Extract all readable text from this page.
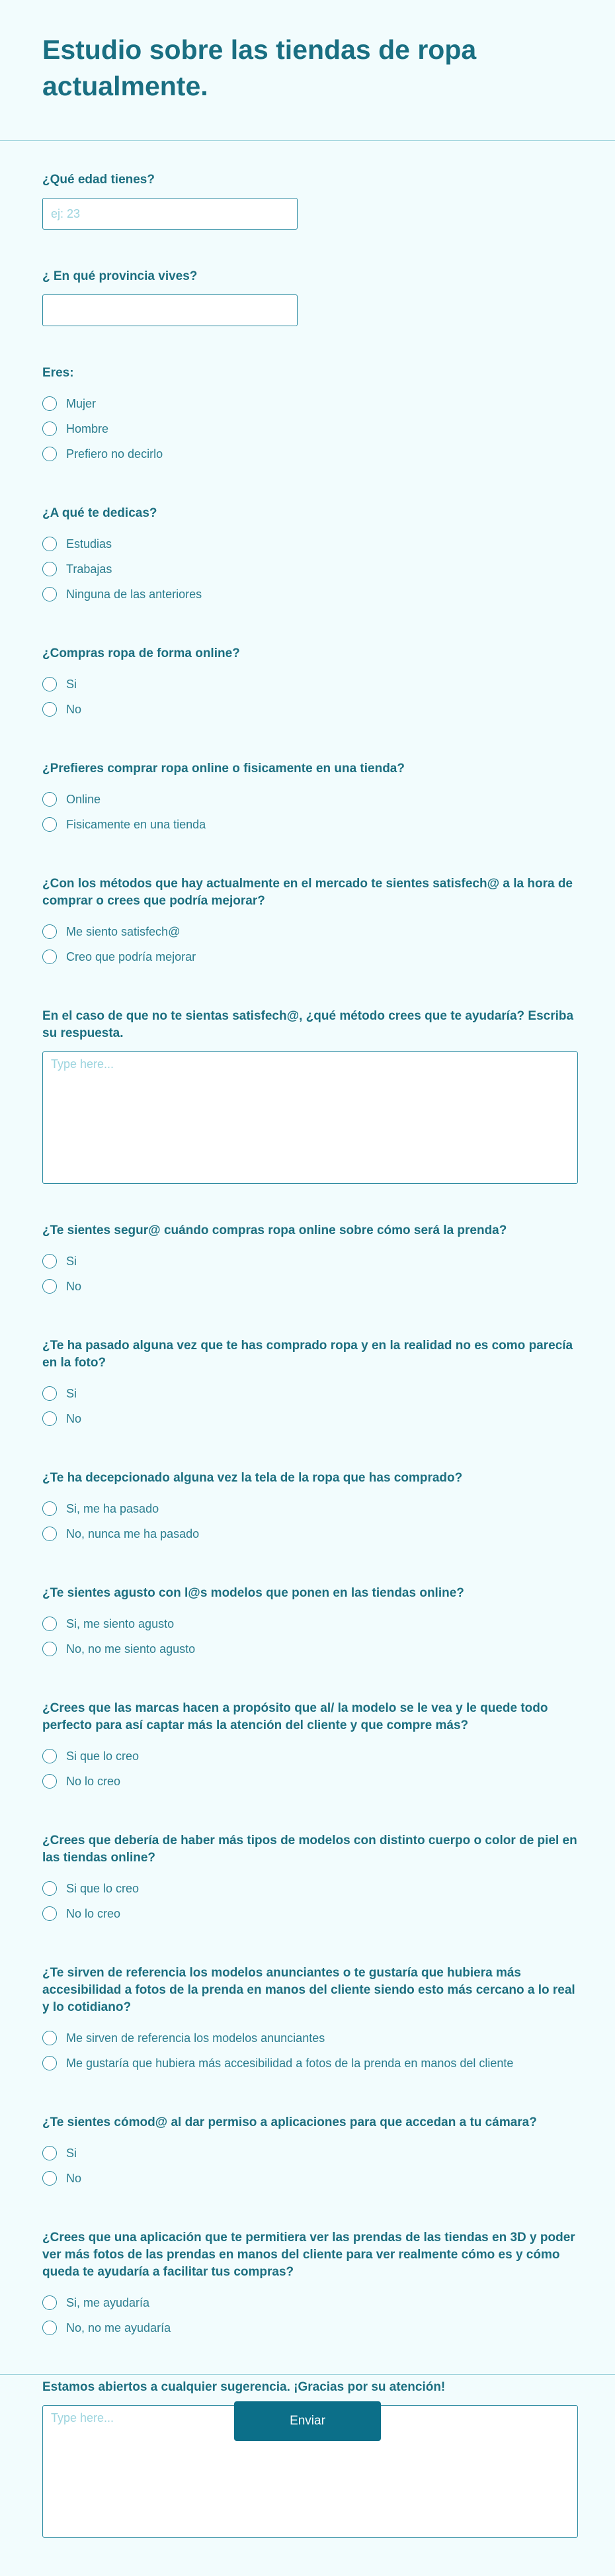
Estudio sobre las tiendas de ropa actualmente.
¿Qué edad tienes?
ej: 23
¿ En qué provincia vives?
Eres:
Mujer
Hombre
Prefiero no decirlo
¿A qué te dedicas?
Estudias
Trabajas
Ninguna de las anteriores
¿Compras ropa de forma online?
Si
No
¿Prefieres comprar ropa online o fisicamente en una tienda?
Online
Fisicamente en una tienda
¿Con los métodos que hay actualmente en el mercado te sientes satisfech@ a la hora de comprar o crees que podría mejorar?
Me siento satisfech@
Creo que podría mejorar
En el caso de que no te sientas satisfech@, ¿qué método crees que te ayudaría? Escriba su respuesta.
Type here...
¿Te sientes segur@ cuándo compras ropa online sobre cómo será la prenda?
Si
No
¿Te ha pasado alguna vez que te has comprado ropa y en la realidad no es como parecía en la foto?
Si
No
¿Te ha decepcionado alguna vez la tela de la ropa que has comprado?
Si, me ha pasado
No, nunca me ha pasado
¿Te sientes agusto con l@s modelos que ponen en las tiendas online?
Si, me siento agusto
No, no me siento agusto
¿Crees que las marcas hacen a propósito que al/ la modelo se le vea y le quede todo perfecto para así captar más la atención del cliente y que compre más?
Si que lo creo
No lo creo
¿Crees que debería de haber más tipos de modelos con distinto cuerpo o color de piel en las tiendas online?
Si que lo creo
No lo creo
¿Te sirven de referencia los modelos anunciantes o te gustaría que hubiera más accesibilidad a fotos de la prenda en manos del cliente siendo esto más cercano a lo real y lo cotidiano?
Me sirven de referencia los modelos anunciantes
Me gustaría que hubiera más accesibilidad a fotos de la prenda en manos del cliente
¿Te sientes cómod@ al dar permiso a aplicaciones para que accedan a tu cámara?
Si
No
¿Crees que una aplicación que te permitiera ver las prendas de las tiendas en 3D y poder ver más fotos de las prendas en manos del cliente para ver realmente cómo es y cómo queda te ayudaría a facilitar tus compras?
Si, me ayudaría
No, no me ayudaría
Estamos abiertos a cualquier sugerencia. ¡Gracias por su atención!
Type here...
Enviar
